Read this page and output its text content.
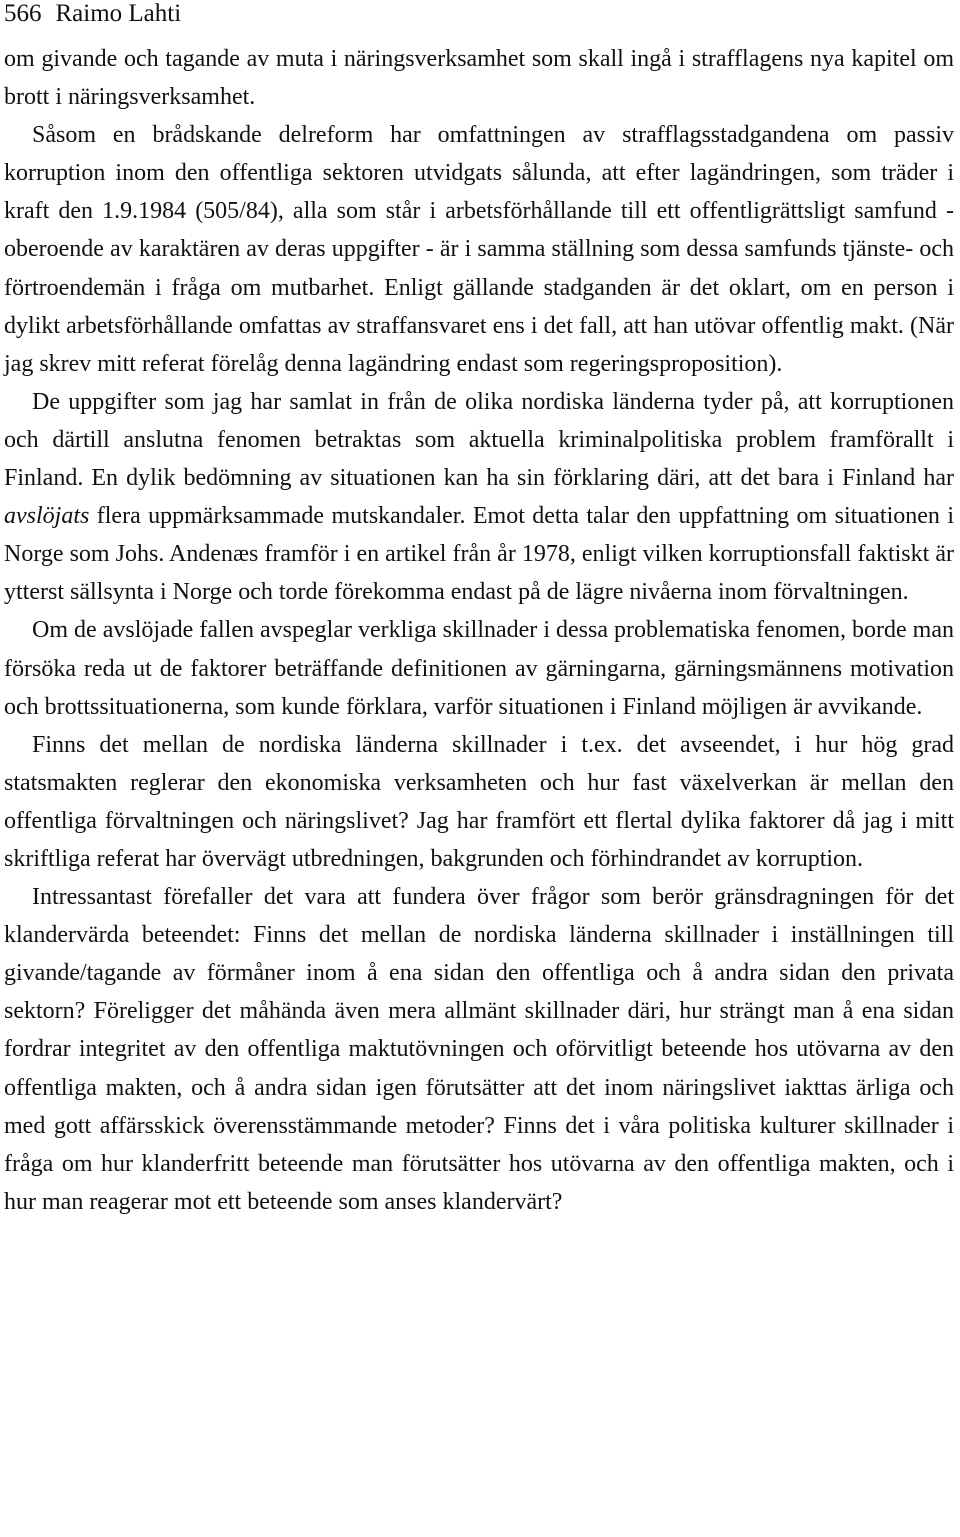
566 Raimo Lahti

om givande och tagande av muta i näringsverksamhet som skall ingå i strafflagens nya kapitel om brott i näringsverksamhet.

Såsom en brådskande delreform har omfattningen av strafflagsstadgandena om passiv korruption inom den offentliga sektoren utvidgats sålunda, att efter lagändringen, som träder i kraft den 1.9.1984 (505/84), alla som står i arbetsförhållande till ett offentligrättsligt samfund - oberoende av karaktären av deras uppgifter - är i samma ställning som dessa samfunds tjänste- och förtroendemän i fråga om mutbarhet. Enligt gällande stadganden är det oklart, om en person i dylikt arbetsförhållande omfattas av straffansvaret ens i det fall, att han utövar offentlig makt. (När jag skrev mitt referat förelåg denna lagändring endast som regeringsproposition).

De uppgifter som jag har samlat in från de olika nordiska länderna tyder på, att korruptionen och därtill anslutna fenomen betraktas som aktuella kriminalpolitiska problem framförallt i Finland. En dylik bedömning av situationen kan ha sin förklaring däri, att det bara i Finland har avslöjats flera uppmärksammade mutskandaler. Emot detta talar den uppfattning om situationen i Norge som Johs. Andenæs framför i en artikel från år 1978, enligt vilken korruptionsfall faktiskt är ytterst sällsynta i Norge och torde förekomma endast på de lägre nivåerna inom förvaltningen.

Om de avslöjade fallen avspeglar verkliga skillnader i dessa problematiska fenomen, borde man försöka reda ut de faktorer beträffande definitionen av gärningarna, gärningsmännens motivation och brottssituationerna, som kunde förklara, varför situationen i Finland möjligen är avvikande.

Finns det mellan de nordiska länderna skillnader i t.ex. det avseendet, i hur hög grad statsmakten reglerar den ekonomiska verksamheten och hur fast växelverkan är mellan den offentliga förvaltningen och näringslivet? Jag har framfört ett flertal dylika faktorer då jag i mitt skriftliga referat har övervägt utbredningen, bakgrunden och förhindrandet av korruption.

Intressantast förefaller det vara att fundera över frågor som berör gränsdragningen för det klandervärda beteendet: Finns det mellan de nordiska länderna skillnader i inställningen till givande/tagande av förmåner inom å ena sidan den offentliga och å andra sidan den privata sektorn? Föreligger det måhända även mera allmänt skillnader däri, hur strängt man å ena sidan fordrar integritet av den offentliga maktutövningen och oförvitligt beteende hos utövarna av den offentliga makten, och å andra sidan igen förutsätter att det inom näringslivet iakttas ärliga och med gott affärsskick överensstämmande metoder? Finns det i våra politiska kulturer skillnader i fråga om hur klanderfritt beteende man förutsätter hos utövarna av den offentliga makten, och i hur man reagerar mot ett beteende som anses klandervärt?
